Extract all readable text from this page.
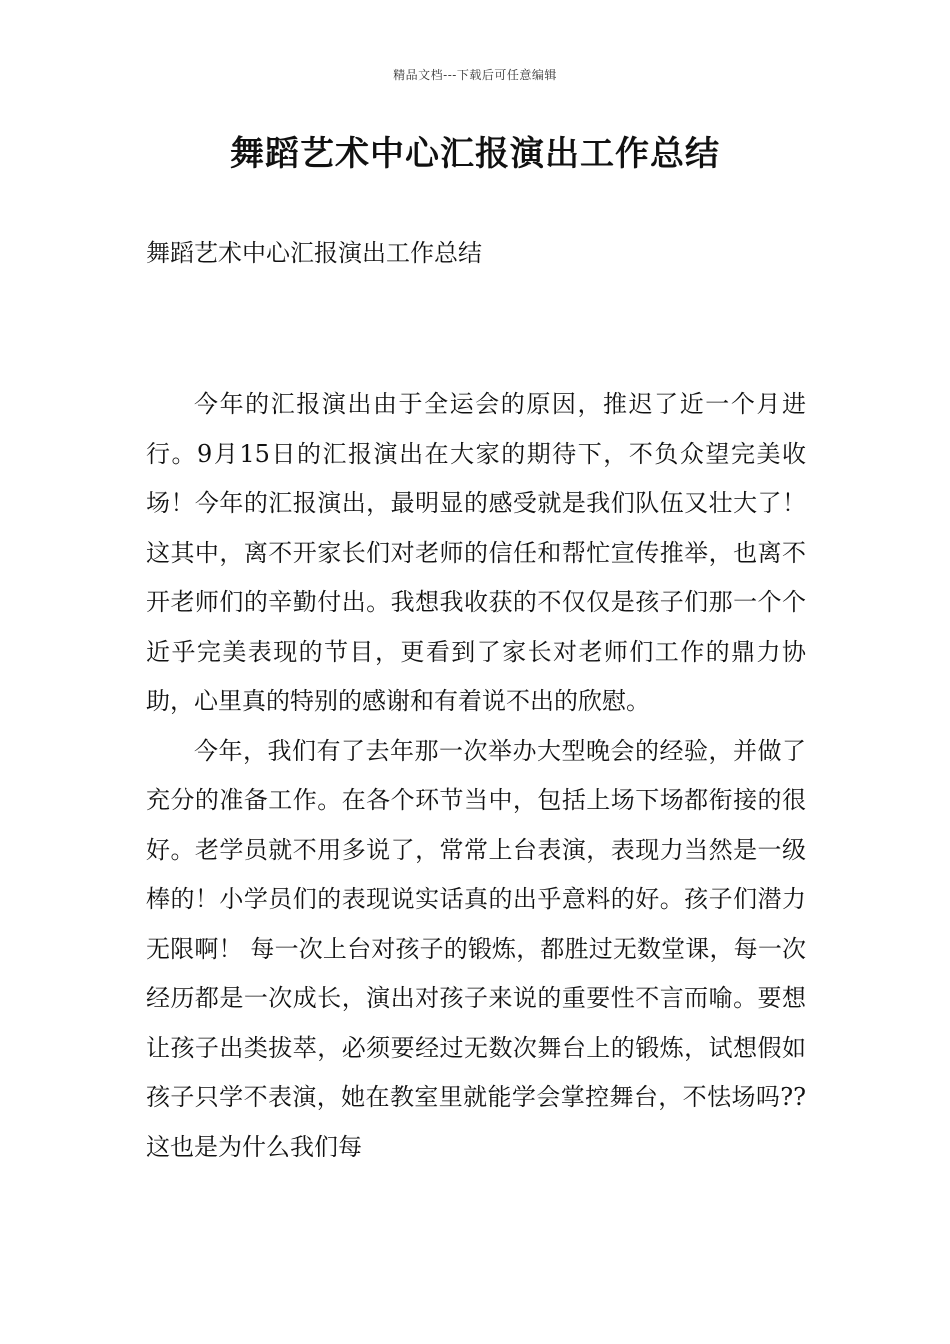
精品文档---下载后可任意编辑
舞蹈艺术中心汇报演出工作总结

舞蹈艺术中心汇报演出工作总结

今年的汇报演出由于全运会的原因，推迟了近一个月进行。9月15日的汇报演出在大家的期待下，不负众望完美收场！今年的汇报演出，最明显的感受就是我们队伍又壮大了！这其中，离不开家长们对老师的信任和帮忙宣传推举，也离不开老师们的辛勤付出。我想我收获的不仅仅是孩子们那一个个近乎完美表现的节目，更看到了家长对老师们工作的鼎力协助，心里真的特别的感谢和有着说不出的欣慰。

今年，我们有了去年那一次举办大型晚会的经验，并做了充分的准备工作。在各个环节当中，包括上场下场都衔接的很好。老学员就不用多说了，常常上台表演，表现力当然是一级棒的！小学员们的表现说实话真的出乎意料的好。孩子们潜力无限啊！ 每一次上台对孩子的锻炼，都胜过无数堂课，每一次经历都是一次成长，演出对孩子来说的重要性不言而喻。要想让孩子出类拔萃，必须要经过无数次舞台上的锻炼，试想假如孩子只学不表演，她在教室里就能学会掌控舞台，不怯场吗?? 这也是为什么我们每
